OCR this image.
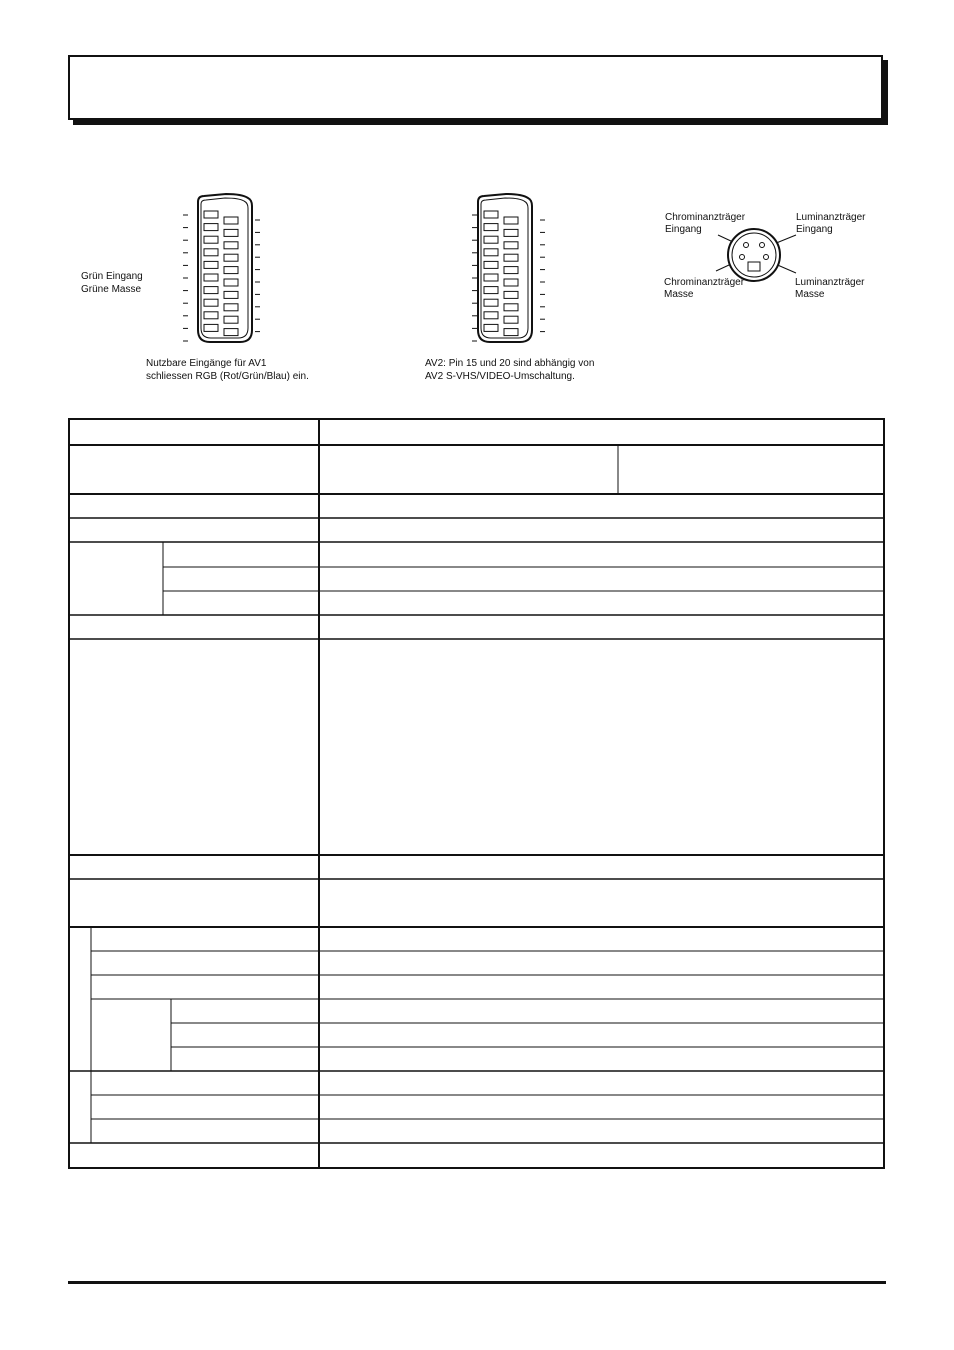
Grün Eingang
Grüne Masse
Nutzbare Eingänge für AV1
schliessen RGB (Rot/Grün/Blau) ein.
AV2: Pin 15 und 20 sind abhängig von
AV2 S-VHS/VIDEO-Umschaltung.
Chrominanzträger
Eingang
Luminanzträger
Eingang
Chrominanzträger
Masse
Luminanzträger
Masse
